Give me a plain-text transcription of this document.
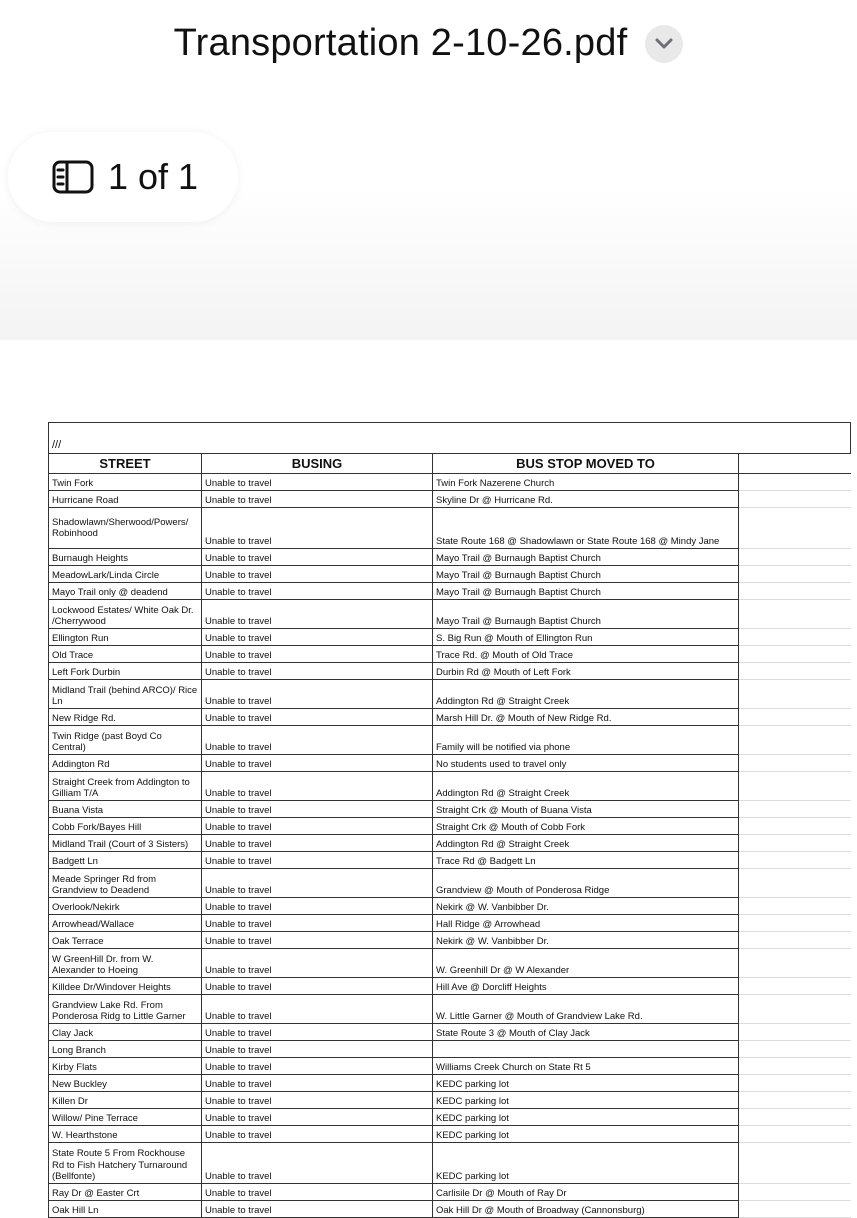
Transportation 2-10-26.pdf
1 of 1
///			
STREET	BUSING	BUS STOP MOVED TO	
Twin Fork	Unable to travel	Twin Fork Nazerene Church	
Hurricane Road	Unable to travel	Skyline Dr @ Hurricane Rd.	
Shadowlawn/Sherwood/Powers/ Robinhood	Unable to travel	State Route 168 @ Shadowlawn or State Route 168 @ Mindy Jane	
Burnaugh Heights	Unable to travel	Mayo Trail @ Burnaugh Baptist Church	
MeadowLark/Linda Circle	Unable to travel	Mayo Trail @ Burnaugh Baptist Church	
Mayo Trail only @ deadend	Unable to travel	Mayo Trail @ Burnaugh Baptist Church	
Lockwood Estates/ White Oak Dr. /Cherrywood	Unable to travel	Mayo Trail @ Burnaugh Baptist Church	
Ellington Run	Unable to travel	S. Big Run @ Mouth of Ellington Run	
Old Trace	Unable to travel	Trace Rd. @ Mouth of Old Trace	
Left Fork Durbin	Unable to travel	Durbin Rd @ Mouth of Left Fork	
Midland Trail (behind ARCO)/ Rice Ln	Unable to travel	Addington Rd @ Straight Creek	
New Ridge Rd.	Unable to travel	Marsh Hill Dr. @ Mouth of New Ridge Rd.	
Twin Ridge (past Boyd Co Central)	Unable to travel	Family will be notified via phone	
Addington Rd	Unable to travel	No students used to travel only	
Straight Creek from Addington to Gilliam T/A	Unable to travel	Addington Rd @ Straight Creek	
Buana Vista	Unable to travel	Straight Crk @ Mouth of Buana Vista	
Cobb Fork/Bayes Hill	Unable to travel	Straight Crk @ Mouth of Cobb Fork	
Midland Trail (Court of 3 Sisters)	Unable to travel	Addington Rd @ Straight Creek	
Badgett Ln	Unable to travel	Trace Rd @ Badgett Ln	
Meade Springer Rd from Grandview to Deadend	Unable to travel	Grandview @ Mouth of Ponderosa Ridge	
Overlook/Nekirk	Unable to travel	Nekirk @ W. Vanbibber Dr.	
Arrowhead/Wallace	Unable to travel	Hall Ridge @ Arrowhead	
Oak Terrace	Unable to travel	Nekirk @ W. Vanbibber Dr.	
W GreenHill Dr. from W. Alexander to Hoeing	Unable to travel	W. Greenhill Dr @ W Alexander	
Killdee Dr/Windover Heights	Unable to travel	Hill Ave @ Dorcliff Heights	
Grandview Lake Rd. From Ponderosa Ridg to Little Garner	Unable to travel	W. Little Garner @ Mouth of Grandview Lake Rd.	
Clay Jack	Unable to travel	State Route 3 @ Mouth of Clay Jack	
Long Branch	Unable to travel		
Kirby Flats	Unable to travel	Williams Creek Church on State Rt 5	
New Buckley	Unable to travel	KEDC parking lot	
Killen Dr	Unable to travel	KEDC parking lot	
Willow/ Pine Terrace	Unable to travel	KEDC parking lot	
W. Hearthstone	Unable to travel	KEDC parking lot	
State Route 5 From Rockhouse Rd to Fish Hatchery Turnaround (Bellfonte)	Unable to travel	KEDC parking lot	
Ray Dr @ Easter Crt	Unable to travel	Carlisile Dr @ Mouth of Ray Dr	
Oak Hill Ln	Unable to travel	Oak Hill Dr @ Mouth of Broadway (Cannonsburg)	
